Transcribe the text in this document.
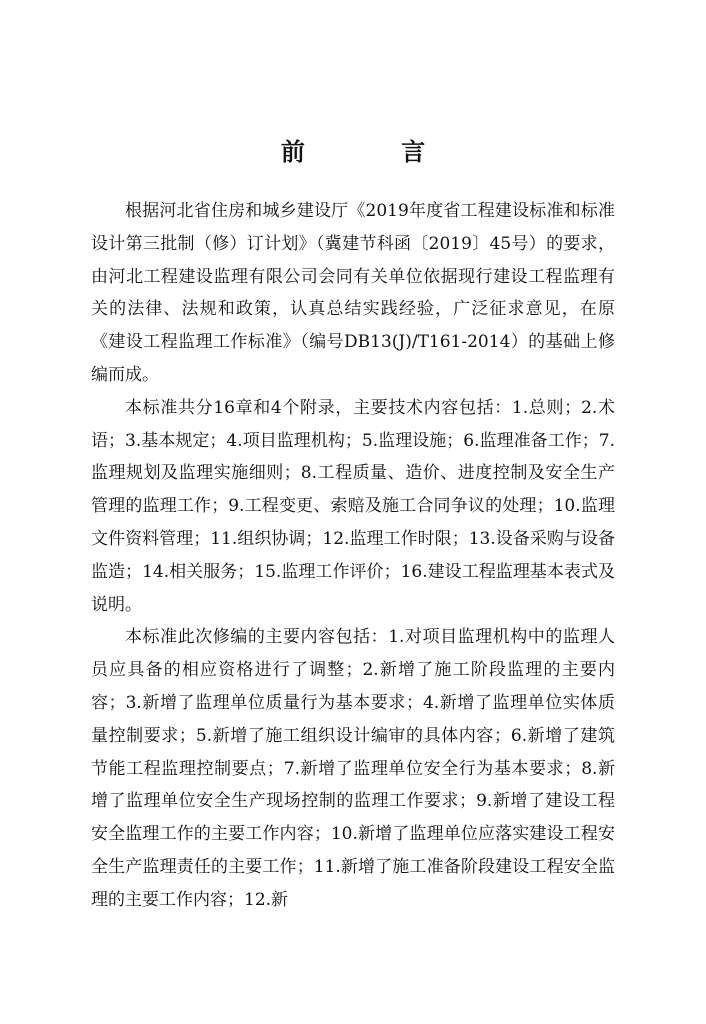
前 言

根据河北省住房和城乡建设厅《2019年度省工程建设标准和标准设计第三批制（修）订计划》（冀建节科函〔2019〕45号）的要求，由河北工程建设监理有限公司会同有关单位依据现行建设工程监理有关的法律、法规和政策，认真总结实践经验，广泛征求意见，在原《建设工程监理工作标准》（编号DB13(J)/T161-2014）的基础上修编而成。

本标准共分16章和4个附录，主要技术内容包括：1.总则；2.术语；3.基本规定；4.项目监理机构；5.监理设施；6.监理准备工作；7.监理规划及监理实施细则；8.工程质量、造价、进度控制及安全生产管理的监理工作；9.工程变更、索赔及施工合同争议的处理；10.监理文件资料管理；11.组织协调；12.监理工作时限；13.设备采购与设备监造；14.相关服务；15.监理工作评价；16.建设工程监理基本表式及说明。

本标准此次修编的主要内容包括：1.对项目监理机构中的监理人员应具备的相应资格进行了调整；2.新增了施工阶段监理的主要内容；3.新增了监理单位质量行为基本要求；4.新增了监理单位实体质量控制要求；5.新增了施工组织设计编审的具体内容；6.新增了建筑节能工程监理控制要点；7.新增了监理单位安全行为基本要求；8.新增了监理单位安全生产现场控制的监理工作要求；9.新增了建设工程安全监理工作的主要工作内容；10.新增了监理单位应落实建设工程安全生产监理责任的主要工作；11.新增了施工准备阶段建设工程安全监理的主要工作内容；12.新
